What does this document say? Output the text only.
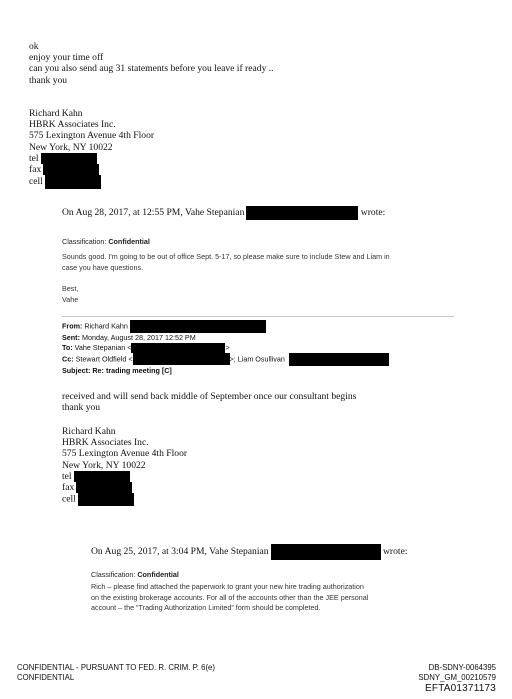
ok
enjoy your time off
can you also send aug 31 statements before you leave if ready ..
thank you
Richard Kahn
HBRK Associates Inc.
575 Lexington Avenue 4th Floor
New York, NY 10022
tel
fax
cell
On Aug 28, 2017, at 12:55 PM, Vahe Stepanian	wrote:
Classification: Confidential
Sounds good. I'm going to be out of office Sept. 5-17, so please make sure to include Stew and Liam in
case you have questions.
Best,
Vahe
From: Richard Kahn
Sent: Monday, August 28, 2017 12:52 PM
To: Vahe Stepanian <	>
Cc: Stewart Oldfield <	>; Liam Osullivan
Subject: Re: trading meeting [C]
received and will send back middle of September once our consultant begins
thank you
Richard Kahn
HBRK Associates Inc.
575 Lexington Avenue 4th Floor
New York, NY 10022
tel
fax
cell
On Aug 25, 2017, at 3:04 PM, Vahe Stepanian	wrote:
Classification: Confidential
Rich – please find attached the paperwork to grant your new hire trading authorization
on the existing brokerage accounts. For all of the accounts other than the JEE personal
account – the “Trading Authorization Limited” form should be completed.
CONFIDENTIAL - PURSUANT TO FED. R. CRIM. P. 6(e)
CONFIDENTIAL
DB-SDNY-0064395
SDNY_GM_00210579
EFTA01371173
